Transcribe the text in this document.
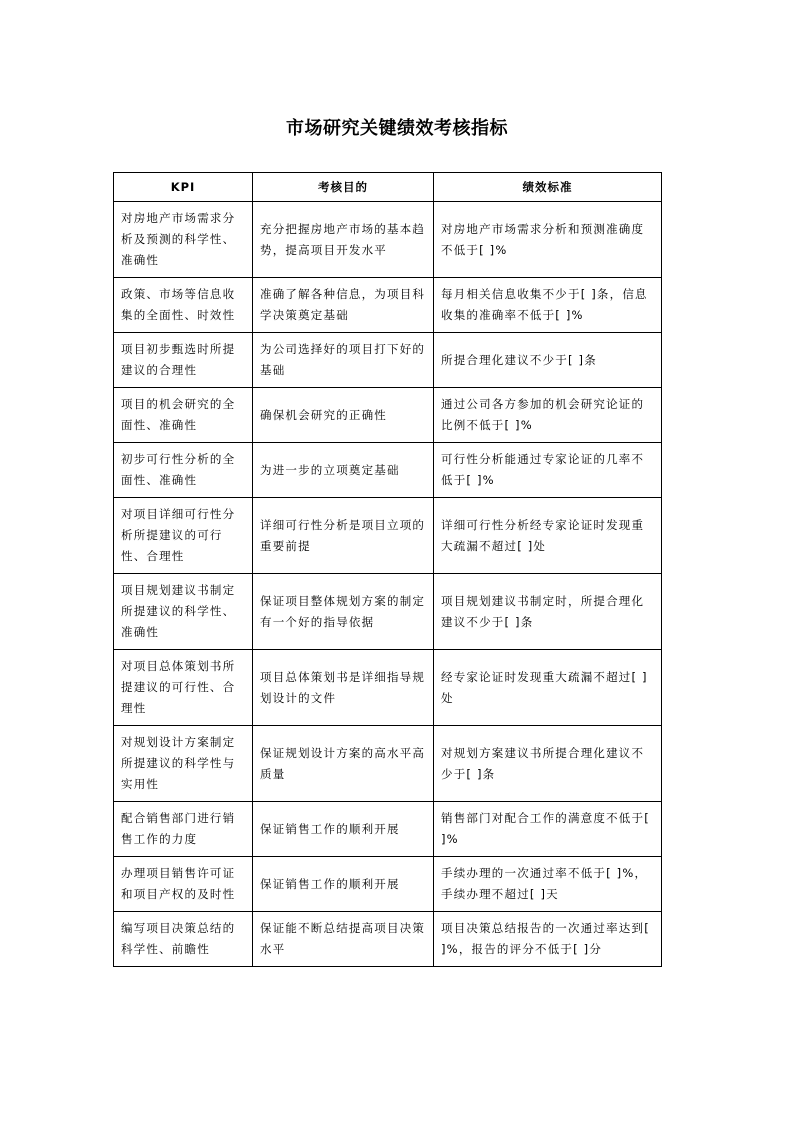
市场研究关键绩效考核指标
KPI	考核目的	绩效标准
对房地产市场需求分析及预测的科学性、准确性	充分把握房地产市场的基本趋势，提高项目开发水平	对房地产市场需求分析和预测准确度不低于[ ]%
政策、市场等信息收集的全面性、时效性	准确了解各种信息，为项目科学决策奠定基础	每月相关信息收集不少于[ ]条，信息收集的准确率不低于[ ]%
项目初步甄选时所提建议的合理性	为公司选择好的项目打下好的基础	所提合理化建议不少于[ ]条
项目的机会研究的全面性、准确性	确保机会研究的正确性	通过公司各方参加的机会研究论证的比例不低于[ ]%
初步可行性分析的全面性、准确性	为进一步的立项奠定基础	可行性分析能通过专家论证的几率不低于[ ]%
对项目详细可行性分析所提建议的可行性、合理性	详细可行性分析是项目立项的重要前提	详细可行性分析经专家论证时发现重大疏漏不超过[ ]处
项目规划建议书制定所提建议的科学性、准确性	保证项目整体规划方案的制定有一个好的指导依据	项目规划建议书制定时，所提合理化建议不少于[ ]条
对项目总体策划书所提建议的可行性、合理性	项目总体策划书是详细指导规划设计的文件	经专家论证时发现重大疏漏不超过[ ]处
对规划设计方案制定所提建议的科学性与实用性	保证规划设计方案的高水平高质量	对规划方案建议书所提合理化建议不少于[ ]条
配合销售部门进行销售工作的力度	保证销售工作的顺利开展	销售部门对配合工作的满意度不低于[ ]%
办理项目销售许可证和项目产权的及时性	保证销售工作的顺利开展	手续办理的一次通过率不低于[ ]%，手续办理不超过[ ]天
编写项目决策总结的科学性、前瞻性	保证能不断总结提高项目决策水平	项目决策总结报告的一次通过率达到[ ]%，报告的评分不低于[ ]分
